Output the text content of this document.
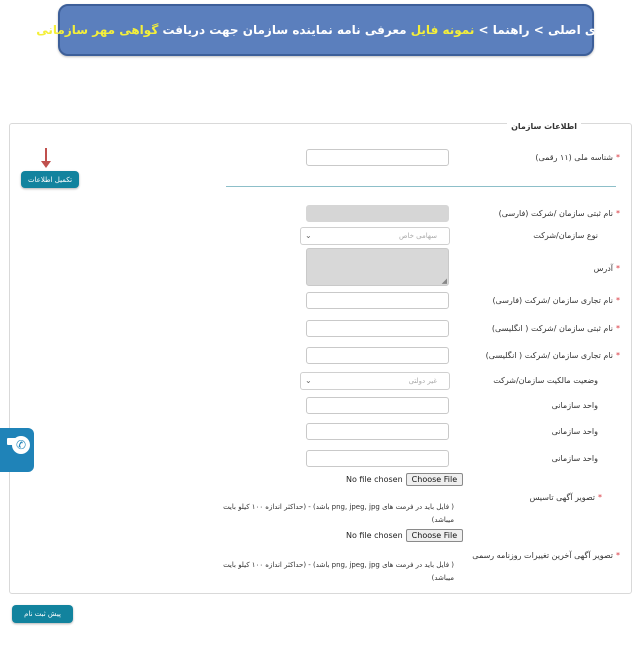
منوی اصلی > راهنما >
نمونه فایل
معرفی نامه نماینده سازمان جهت دریافت
گواهی مهر سازمانی
اطلاعات سازمان
*شناسه ملی (۱۱ رقمی)
تکمیل اطلاعات
*نام ثبتی سازمان /شرکت (فارسی)
نوع سازمان/شرکت
سهامی خاص
⌄
*آدرس
◢
*نام تجاری سازمان /شرکت (فارسی)
*نام ثبتی سازمان /شرکت ( انگلیسی)
*نام تجاری سازمان /شرکت ( انگلیسی)
وضعیت مالکیت سازمان/شرکت
غیر دولتی
⌄
واحد سازمانی
واحد سازمانی
واحد سازمانی
No file chosen	Choose File
*تصویر آگهی تاسیس
( فایل باید در فرمت های png, jpeg, jpg باشد) - (حداکثر اندازه ۱۰۰ کیلو بایت
میباشد)
No file chosen	Choose File
*تصویر آگهی آخرین تغییرات روزنامه رسمی
( فایل باید در فرمت های png, jpeg, jpg باشد) - (حداکثر اندازه ۱۰۰ کیلو بایت
میباشد)
پیش ثبت نام
✆
